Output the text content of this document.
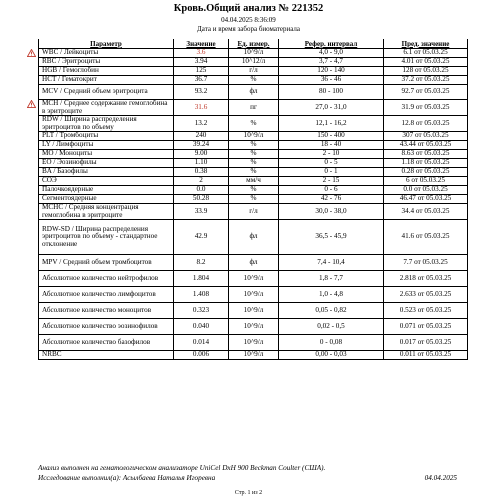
Кровь.Общий анализ № 221352
04.04.2025 8:36:09
Дата и время забора биоматериала
Параметр	Значение	Ед. измер.	Рефер. интервал	Пред. значение

WBC / Лейкоциты	3.6	10^9/л	4,0 - 9,0	6.1 от 05.03.25
RBC / Эритроциты	3.94	10^12/л	3,7 - 4,7	4.01 от 05.03.25
HGB / Гемоглобин	125	г/л	120 - 140	128 от 05.03.25
HCT / Гематокрит	36.7	%	36 - 46	37.2 от 05.03.25
MCV / Средний объем эритроцита	93.2	фл	80 - 100	92.7 от 05.03.25

MCH / Среднее содержание гемоглобина в эритроците	31.6	пг	27,0 - 31,0	31.9 от 05.03.25
RDW / Ширина распределения эритроцитов по объему	13.2	%	12,1 - 16,2	12.8 от 05.03.25
PLT / Тромбоциты	240	10^9/л	150 - 400	307 от 05.03.25
LY / Лимфоциты	39.24	%	18 - 40	43.44 от 05.03.25
MO / Моноциты	9.00	%	2 - 10	8.63 от 05.03.25
EO / Эозинофилы	1.10	%	0 - 5	1.18 от 05.03.25
BA / Базофилы	0.38	%	0 - 1	0.28 от 05.03.25
СОЭ	2	мм/ч	2 - 15	6 от 05.03.25
Палочкоядерные	0.0	%	0 - 6	0.0 от 05.03.25
Сегментоядерные	50.28	%	42 - 76	46.47 от 05.03.25
MCHC / Средняя концентрация гемоглобина в эритроците	33.9	г/л	30,0 - 38,0	34.4 от 05.03.25
RDW-SD / Ширина распределения эритроцитов по объему - стандартное отклонение	42.9	фл	36,5 - 45,9	41.6 от 05.03.25
MPV / Средний объем тромбоцитов	8.2	фл	7,4 - 10,4	7.7 от 05.03.25
Абсолютное количество нейтрофилов	1.804	10^9/л	1,8 - 7,7	2.818 от 05.03.25
Абсолютное количество лимфоцитов	1.408	10^9/л	1,0 - 4,8	2.633 от 05.03.25
Абсолютное количество моноцитов	0.323	10^9/л	0,05 - 0,82	0.523 от 05.03.25
Абсолютное количество эозинофилов	0.040	10^9/л	0,02 - 0,5	0.071 от 05.03.25
Абсолютное количество базофилов	0.014	10^9/л	0 - 0,08	0.017 от 05.03.25
NRBC	0.006	10^9/л	0,00 - 0,03	0.011 от 05.03.25
Анализ выполнен на гематологическом анализаторе UniCel DxH 900 Beckman Coulter (США).
Исследование выполнил(а): Асылбаева Наталья Игоревна	04.04.2025
Стр. 1 из 2
